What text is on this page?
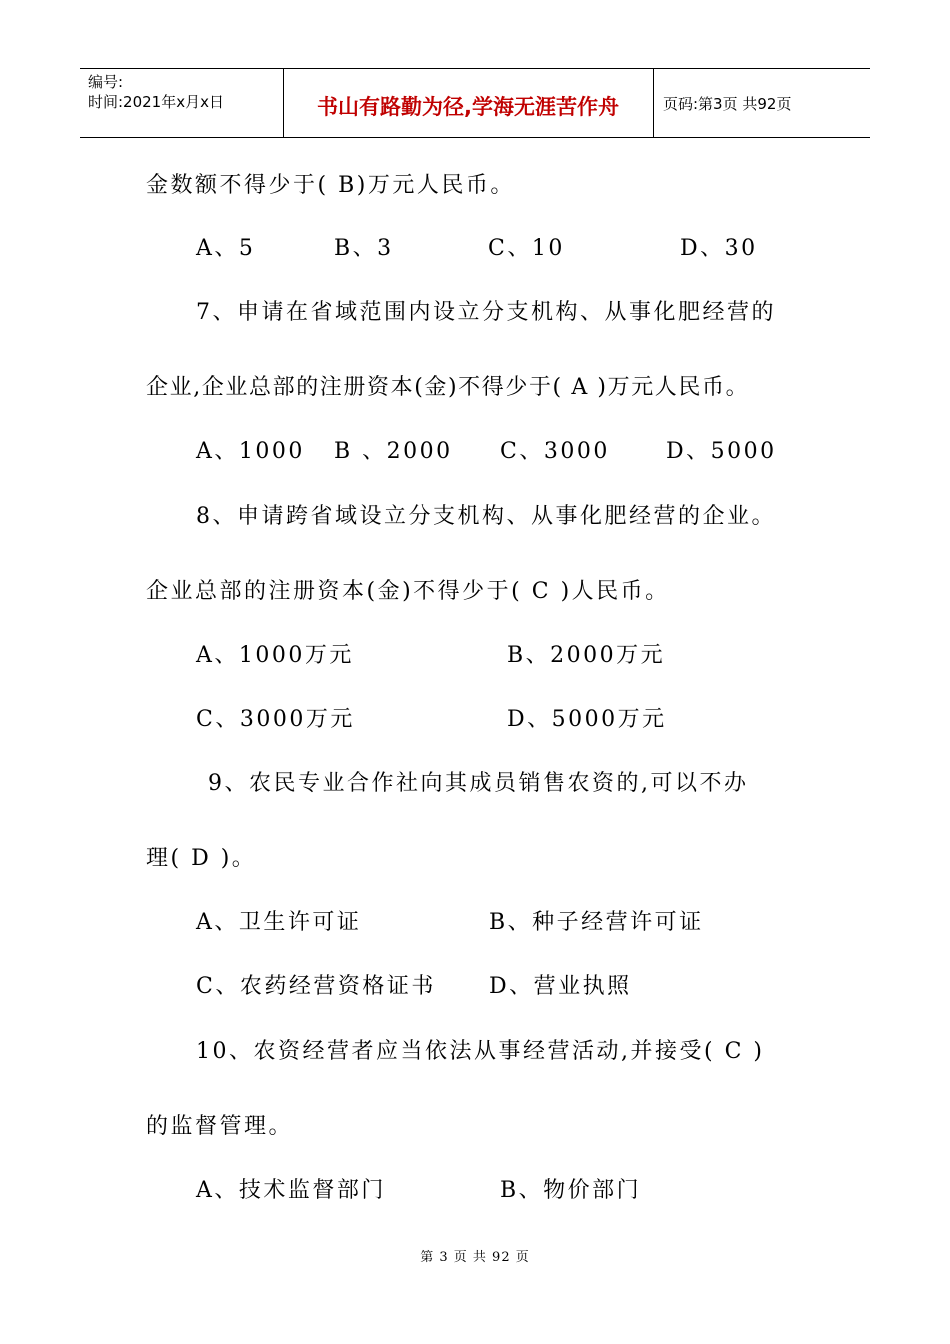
编号:
时间:2021年x月x日	书山有路勤为径,学海无涯苦作舟	页码:第3页 共92页
金数额不得少于( B)万元人民币。
A、5	B、3	C、10	D、30
7、申请在省域范围内设立分支机构、从事化肥经营的
企业,企业总部的注册资本(金)不得少于( A )万元人民币。
A、1000 B 、2000 C、3000	D、5000
8、申请跨省域设立分支机构、从事化肥经营的企业。
企业总部的注册资本(金)不得少于( C )人民币。
A、1000万元	B、2000万元
C、3000万元	D、5000万元
9、农民专业合作社向其成员销售农资的,可以不办
理( D )。
A、卫生许可证	B、种子经营许可证
C、农药经营资格证书 D、营业执照
10、农资经营者应当依法从事经营活动,并接受( C )
的监督管理。
A、技术监督部门	B、物价部门
第 3 页 共 92 页
